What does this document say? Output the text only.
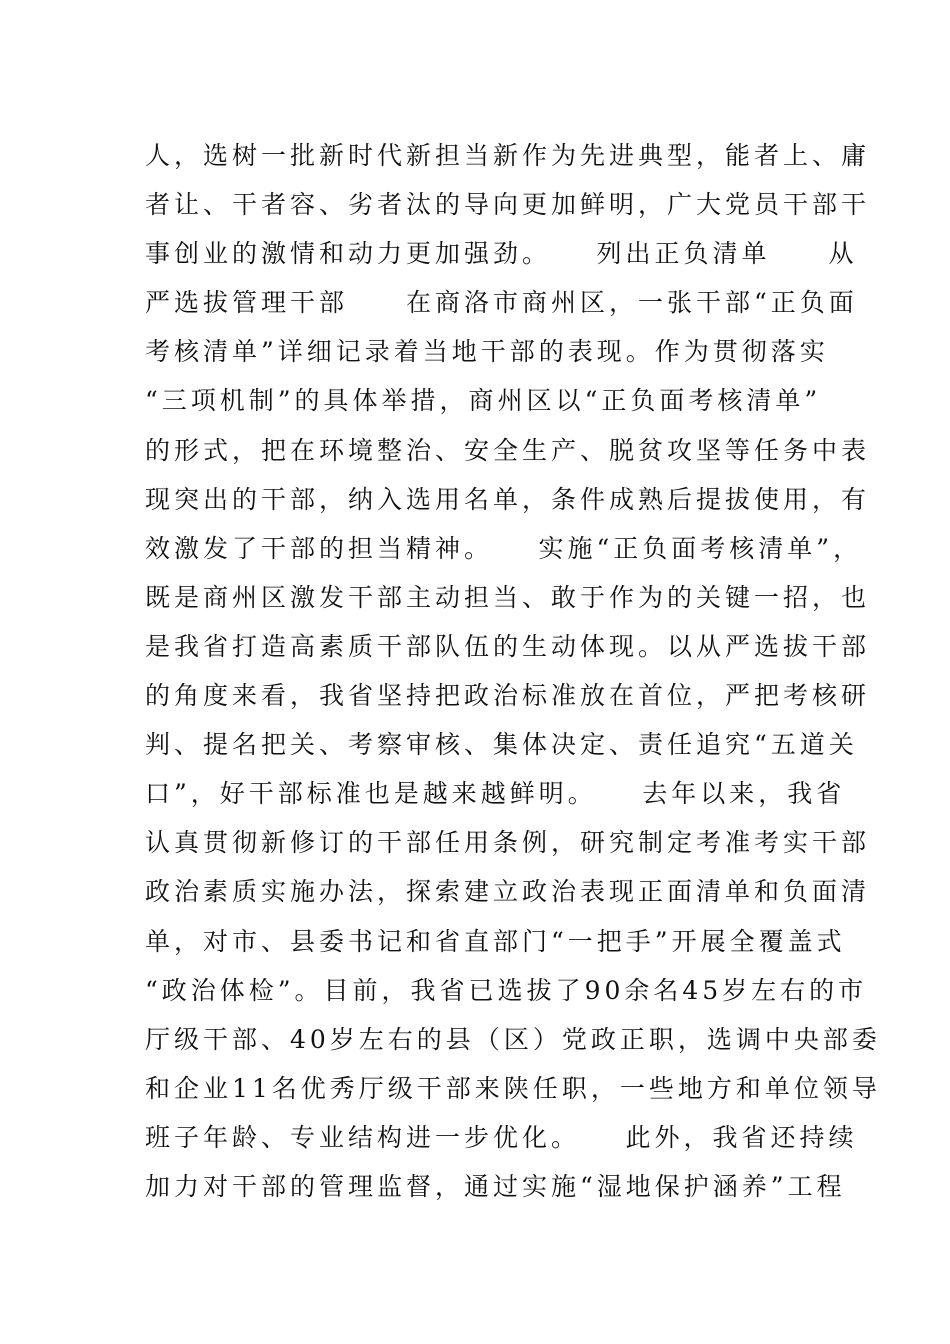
人，选树一批新时代新担当新作为先进典型，能者上、庸
者让、干者容、劣者汰的导向更加鲜明，广大党员干部干
事创业的激情和动力更加强劲。　　列出正负清单　　从
严选拔管理干部　　在商洛市商州区，一张干部“正负面
考核清单”详细记录着当地干部的表现。作为贯彻落实
“三项机制”的具体举措，商州区以“正负面考核清单”
的形式，把在环境整治、安全生产、脱贫攻坚等任务中表
现突出的干部，纳入选用名单，条件成熟后提拔使用，有
效激发了干部的担当精神。　　实施“正负面考核清单”，
既是商州区激发干部主动担当、敢于作为的关键一招，也
是我省打造高素质干部队伍的生动体现。以从严选拔干部
的角度来看，我省坚持把政治标准放在首位，严把考核研
判、提名把关、考察审核、集体决定、责任追究“五道关
口”，好干部标准也是越来越鲜明。　　去年以来，我省
认真贯彻新修订的干部任用条例，研究制定考准考实干部
政治素质实施办法，探索建立政治表现正面清单和负面清
单，对市、县委书记和省直部门“一把手”开展全覆盖式
“政治体检”。目前，我省已选拔了90余名45岁左右的市
厅级干部、40岁左右的县（区）党政正职，选调中央部委
和企业11名优秀厅级干部来陕任职，一些地方和单位领导
班子年龄、专业结构进一步优化。　　此外，我省还持续
加力对干部的管理监督，通过实施“湿地保护涵养”工程
